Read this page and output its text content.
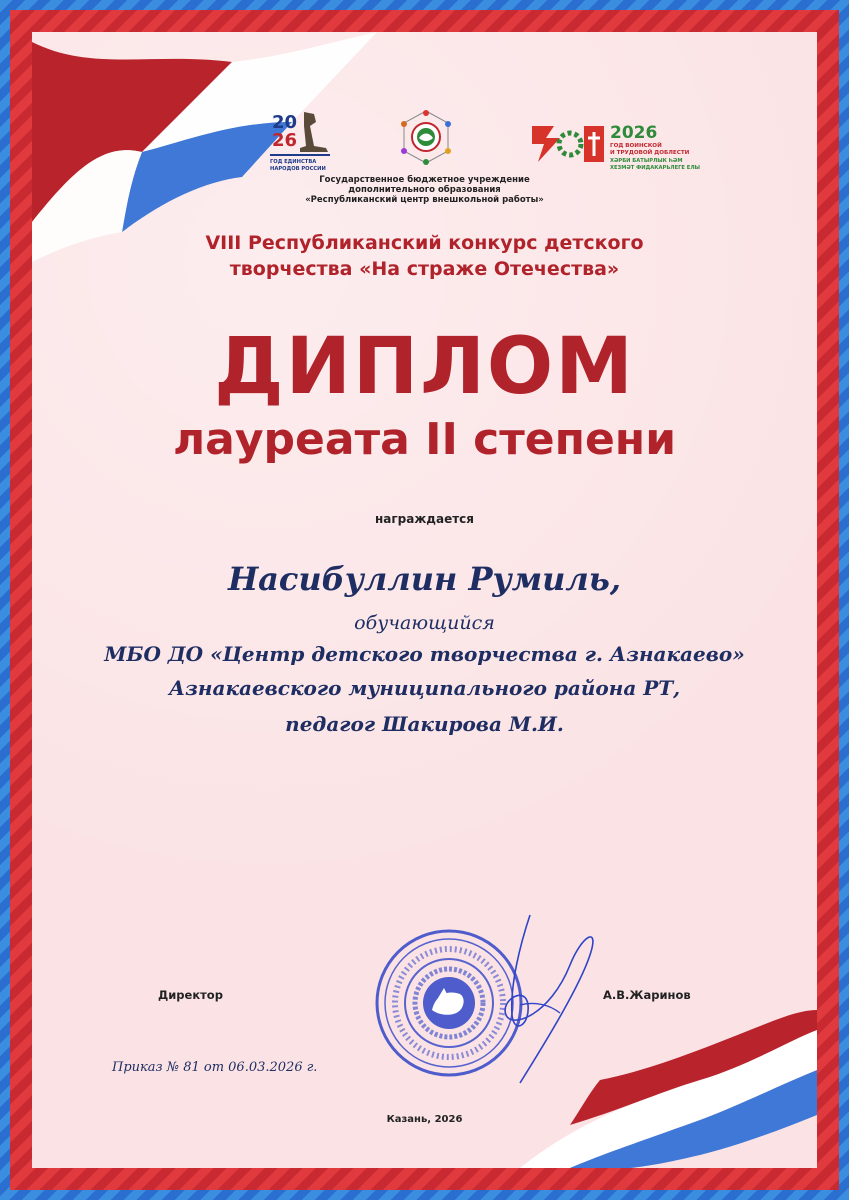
20
26
ГОД ЕДИНСТВА
НАРОДОВ РОССИИ
2026
ГОД ВОИНСКОЙ
И ТРУДОВОЙ ДОБЛЕСТИ
ХӘРБИ БАТЫРЛЫК ҺӘМ
ХЕЗМӘТ ФИДАКАРЬЛЕГЕ ЕЛЫ
Государственное бюджетное учреждение
дополнительного образования
«Республиканский центр внешкольной работы»
VIII Республиканский конкурс детского
творчества «На страже Отечества»
ДИПЛОМ
лауреата II степени
награждается
Насибуллин Румиль,
обучающийся
МБО ДО «Центр детского творчества г. Азнакаево»
Азнакаевского муниципального района РТ,
педагог Шакирова М.И.
Директор	А.В.Жаринов
Приказ № 81 от 06.03.2026 г.
Казань, 2026
